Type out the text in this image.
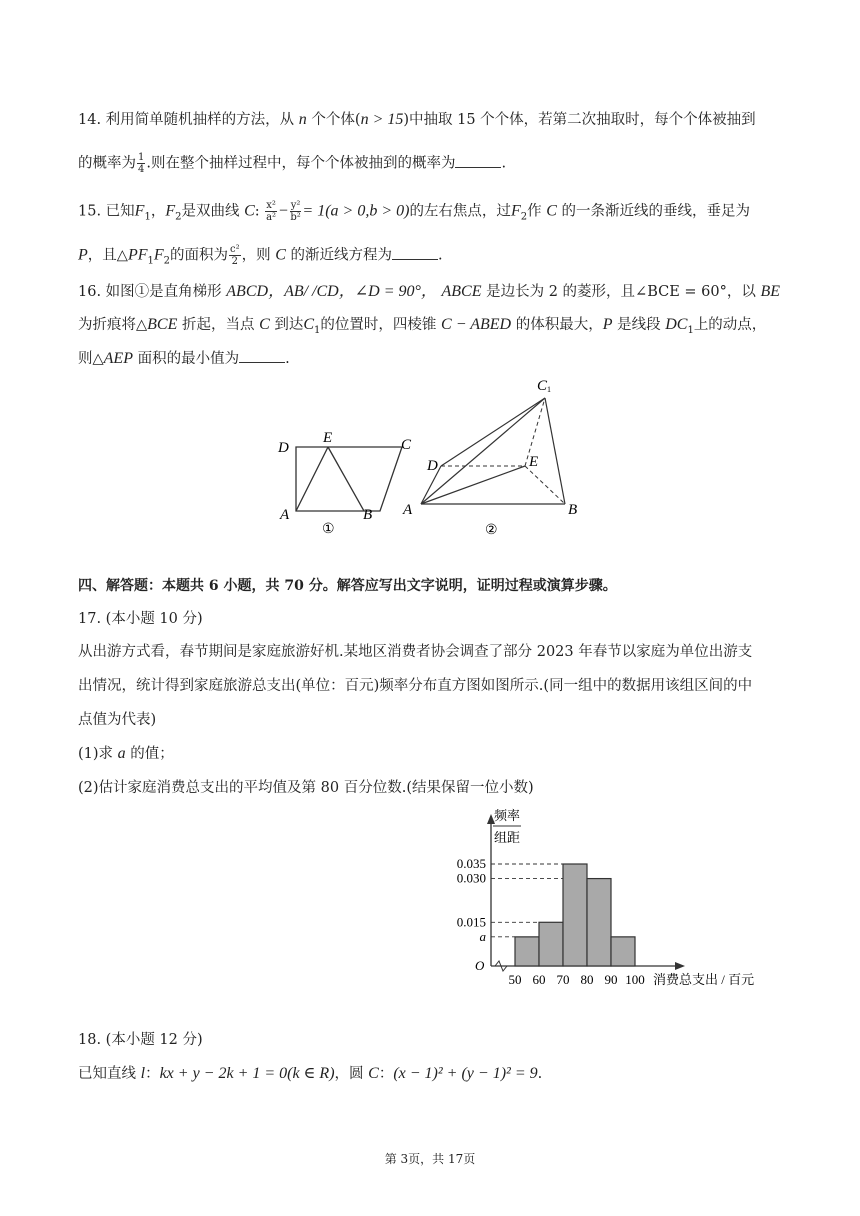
14. 利用简单随机抽样的方法，从 n 个个体(n > 15)中抽取 15 个个体，若第二次抽取时，每个个体被抽到
的概率为 $\frac{1}{4}$ .则在整个抽样过程中，每个个体被抽到的概率为	.
15. 已知$F_1$，$F_2$是双曲线 C: $\frac{\text{x²}}{\text{a²}} - \frac{\text{y²}}{\text{b²}} = 1(a > 0,b > 0)$的左右焦点，过$F_2$作 C 的一条渐近线的垂线，垂足为
P，且$\triangle PF_1F_2$的面积为 $\frac{\text{c²}}{2}$ ，则 C 的渐近线方程为	.
16. 如图①是直角梯形 ABCD，AB/ /CD，∠D = 90°， ABCE 是边长为 2 的菱形，且∠BCE = 60°，以 BE
为折痕将△BCE 折起，当点 C 到达$C_1$的位置时，四棱锥 C − ABED 的体积最大，P 是线段 $DC_1$上的动点，
则△AEP 面积的最小值为	.
D
E	C
A	B
①
C 1
D	E
A	B
②
四、解答题：本题共 6 小题，共 70 分。解答应写出文字说明，证明过程或演算步骤。
17. (本小题 10 分)
从出游方式看，春节期间是家庭旅游好机.某地区消费者协会调查了部分 2023 年春节以家庭为单位出游支
出情况，统计得到家庭旅游总支出(单位：百元)频率分布直方图如图所示.(同一组中的数据用该组区间的中
点值为代表)
(1)求 a 的值；
(2)估计家庭消费总支出的平均值及第 80 百分位数.(结果保留一位小数)
频率
组距
O
a
0.015
0.035
0.030
50 60 70 80 90 100 消费总支出 / 百元
18. (本小题 12 分)
已知直线 l：kx + y − 2k + 1 = 0(k ∈ R)，圆 C：(x − 1)² + (y − 1)² = 9.
第 3页，共 17页
